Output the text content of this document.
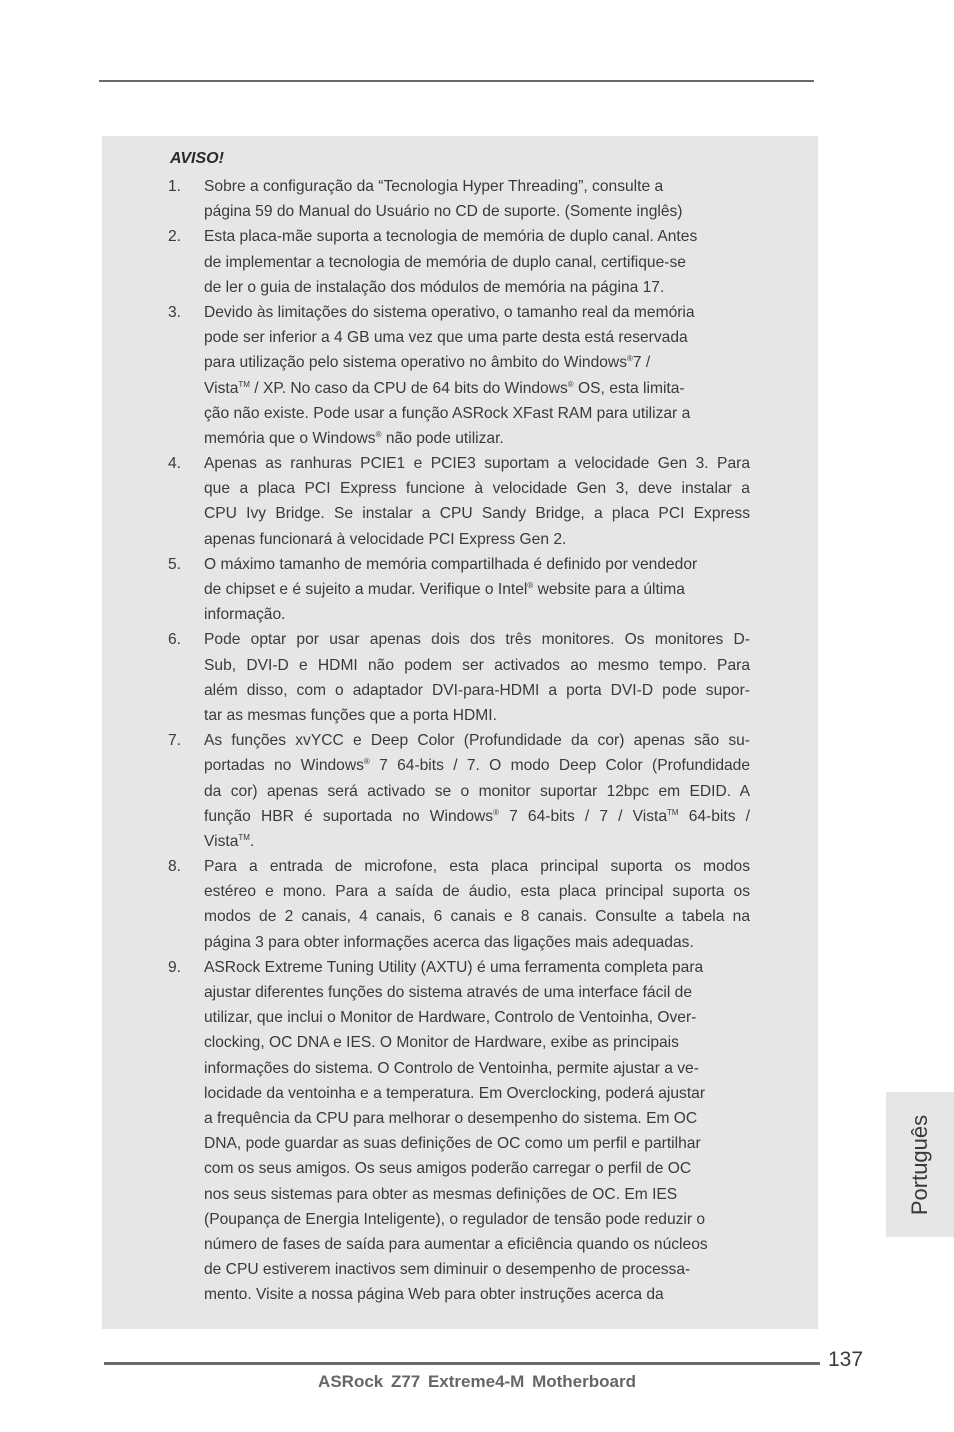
AVISO!
1.	Sobre a configuração da “Tecnologia Hyper Threading”, consulte a
página 59 do Manual do Usuário no CD de suporte. (Somente inglês)
2.	Esta placa-mãe suporta a tecnologia de memória de duplo canal. Antes
de implementar a tecnologia de memória de duplo canal, certifique-se
de ler o guia de instalação dos módulos de memória na página 17.
3.	Devido às limitações do sistema operativo, o tamanho real da memória
pode ser inferior a 4 GB uma vez que uma parte desta está reservada
para utilização pelo sistema operativo no âmbito do Windows®7 /
Vista™ / XP. No caso da CPU de 64 bits do Windows® OS, esta limita-
ção não existe. Pode usar a função ASRock XFast RAM para utilizar a
memória que o Windows® não pode utilizar.
4.	Apenas as ranhuras PCIE1 e PCIE3 suportam a velocidade Gen 3. Para
que a placa PCI Express funcione à velocidade Gen 3, deve instalar a
CPU Ivy Bridge. Se instalar a CPU Sandy Bridge, a placa PCI Express
apenas funcionará à velocidade PCI Express Gen 2.
5.	O máximo tamanho de memória compartilhada é definido por vendedor
de chipset e é sujeito a mudar. Verifique o Intel® website para a última
informação.
6.	Pode optar por usar apenas dois dos três monitores. Os monitores D-
Sub, DVI-D e HDMI não podem ser activados ao mesmo tempo. Para
além disso, com o adaptador DVI-para-HDMI a porta DVI-D pode supor-
tar as mesmas funções que a porta HDMI.
7.	As funções xvYCC e Deep Color (Profundidade da cor) apenas são su-
portadas no Windows® 7 64-bits / 7. O modo Deep Color (Profundidade
da cor) apenas será activado se o monitor suportar 12bpc em EDID. A
função HBR é suportada no Windows® 7 64-bits / 7 / Vista™ 64-bits /
Vista™.
8.	Para a entrada de microfone, esta placa principal suporta os modos
estéreo e mono. Para a saída de áudio, esta placa principal suporta os
modos de 2 canais, 4 canais, 6 canais e 8 canais. Consulte a tabela na
página 3 para obter informações acerca das ligações mais adequadas.
9.	ASRock Extreme Tuning Utility (AXTU) é uma ferramenta completa para
ajustar diferentes funções do sistema através de uma interface fácil de
utilizar, que inclui o Monitor de Hardware, Controlo de Ventoinha, Over-
clocking, OC DNA e IES. O Monitor de Hardware, exibe as principais
informações do sistema. O Controlo de Ventoinha, permite ajustar a ve-
locidade da ventoinha e a temperatura. Em Overclocking, poderá ajustar
a frequência da CPU para melhorar o desempenho do sistema. Em OC
DNA, pode guardar as suas definições de OC como um perfil e partilhar
com os seus amigos. Os seus amigos poderão carregar o perfil de OC
nos seus sistemas para obter as mesmas definições de OC. Em IES
(Poupança de Energia Inteligente), o regulador de tensão pode reduzir o
número de fases de saída para aumentar a eficiência quando os núcleos
de CPU estiverem inactivos sem diminuir o desempenho de processa-
mento. Visite a nossa página Web para obter instruções acerca da
Português
137
ASRock Z77 Extreme4-M Motherboard
